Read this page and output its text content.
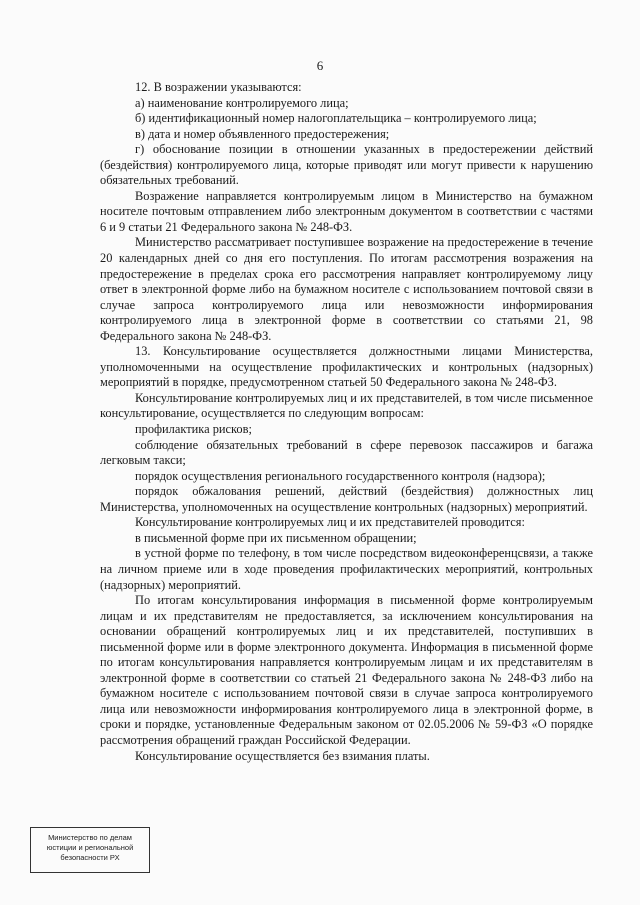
6

12. В возражении указываются:

а) наименование контролируемого лица;

б) идентификационный номер налогоплательщика – контролируемого лица;

в) дата и номер объявленного предостережения;

г) обоснование позиции в отношении указанных в предостережении действий (бездействия) контролируемого лица, которые приводят или могут привести к нарушению обязательных требований.

Возражение направляется контролируемым лицом в Министерство на бумажном носителе почтовым отправлением либо электронным документом в соответствии с частями 6 и 9 статьи 21 Федерального закона № 248-ФЗ.

Министерство рассматривает поступившее возражение на предостережение в течение 20 календарных дней со дня его поступления. По итогам рассмотрения возражения на предостережение в пределах срока его рассмотрения направляет контролируемому лицу ответ в электронной форме либо на бумажном носителе с использованием почтовой связи в случае запроса контролируемого лица или невозможности информирования контролируемого лица в электронной форме в соответствии со статьями 21, 98 Федерального закона № 248-ФЗ.

13. Консультирование осуществляется должностными лицами Министерства, уполномоченными на осуществление профилактических и контрольных (надзорных) мероприятий в порядке, предусмотренном статьей 50 Федерального закона № 248-ФЗ.

Консультирование контролируемых лиц и их представителей, в том числе письменное консультирование, осуществляется по следующим вопросам:

профилактика рисков;

соблюдение обязательных требований в сфере перевозок пассажиров и багажа легковым такси;

порядок осуществления регионального государственного контроля (надзора);

порядок обжалования решений, действий (бездействия) должностных лиц Министерства, уполномоченных на осуществление контрольных (надзорных) мероприятий.

Консультирование контролируемых лиц и их представителей проводится:

в письменной форме при их письменном обращении;

в устной форме по телефону, в том числе посредством видеоконференцсвязи, а также на личном приеме или в ходе проведения профилактических мероприятий, контрольных (надзорных) мероприятий.

По итогам консультирования информация в письменной форме контролируемым лицам и их представителям не предоставляется, за исключением консультирования на основании обращений контролируемых лиц и их представителей, поступивших в письменной форме или в форме электронного документа. Информация в письменной форме по итогам консультирования направляется контролируемым лицам и их представителям в электронной форме в соответствии со статьей 21 Федерального закона № 248-ФЗ либо на бумажном носителе с использованием почтовой связи в случае запроса контролируемого лица или невозможности информирования контролируемого лица в электронной форме, в сроки и порядке, установленные Федеральным законом от 02.05.2006 № 59-ФЗ «О порядке рассмотрения обращений граждан Российской Федерации.

Консультирование осуществляется без взимания платы.

Министерство по делам
юстиции и региональной
безопасности РХ
